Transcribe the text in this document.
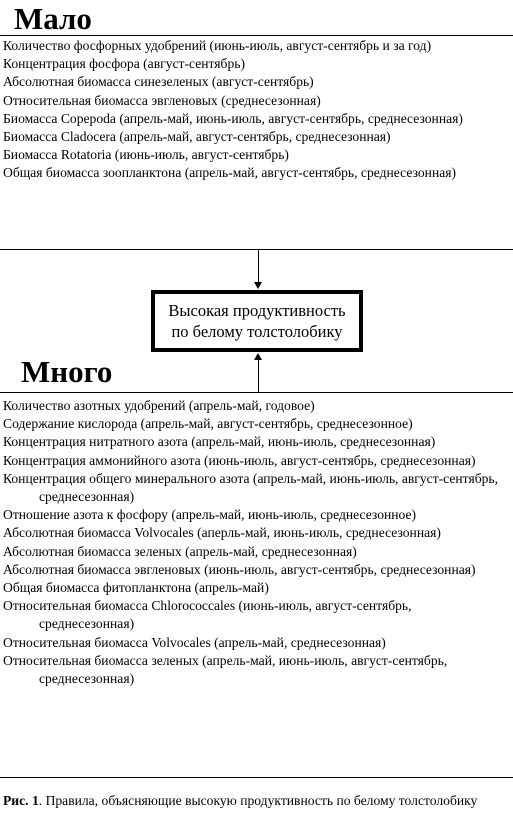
Мало
Количество фосфорных удобрений (июнь-июль, август-сентябрь и за год)
Концентрация фосфора (август-сентябрь)
Абсолютная биомасса синезеленых (август-сентябрь)
Относительная биомасса эвгленовых (среднесезонная)
Биомасса Copepoda (апрель-май, июнь-июль, август-сентябрь, среднесезонная)
Биомасса Cladocera (апрель-май, август-сентябрь, среднесезонная)
Биомасса Rotatoria (июнь-июль, август-сентябрь)
Общая биомасса зоопланктона (апрель-май, август-сентябрь, среднесезонная)
Высокая продуктивность по белому толстолобику
Много
Количество азотных удобрений (апрель-май, годовое)
Содержание кислорода (апрель-май, август-сентябрь, среднесезонное)
Концентрация нитратного азота (апрель-май, июнь-июль, среднесезонная)
Концентрация аммонийного азота (июнь-июль, август-сентябрь, среднесезонная)
Концентрация общего минерального азота (апрель-май, июнь-июль, август-сентябрь, среднесезонная)
Отношение азота к фосфору (апрель-май, июнь-июль, среднесезонное)
Абсолютная биомасса Volvocales (аперль-май, июнь-июль, среднесезонная)
Абсолютная биомасса зеленых (апрель-май, среднесезонная)
Абсолютная биомасса эвгленовых (июнь-июль, август-сентябрь, среднесезонная)
Общая биомасса фитопланктона (апрель-май)
Относительная биомасса Chlorococcales (июнь-июль, август-сентябрь, среднесезонная)
Относительная биомасса Volvocales (апрель-май, среднесезонная)
Относительная биомасса зеленых (апрель-май, июнь-июль, август-сентябрь, среднесезонная)

Рис. 1. Правила, объясняющие высокую продуктивность по белому толстолобику
